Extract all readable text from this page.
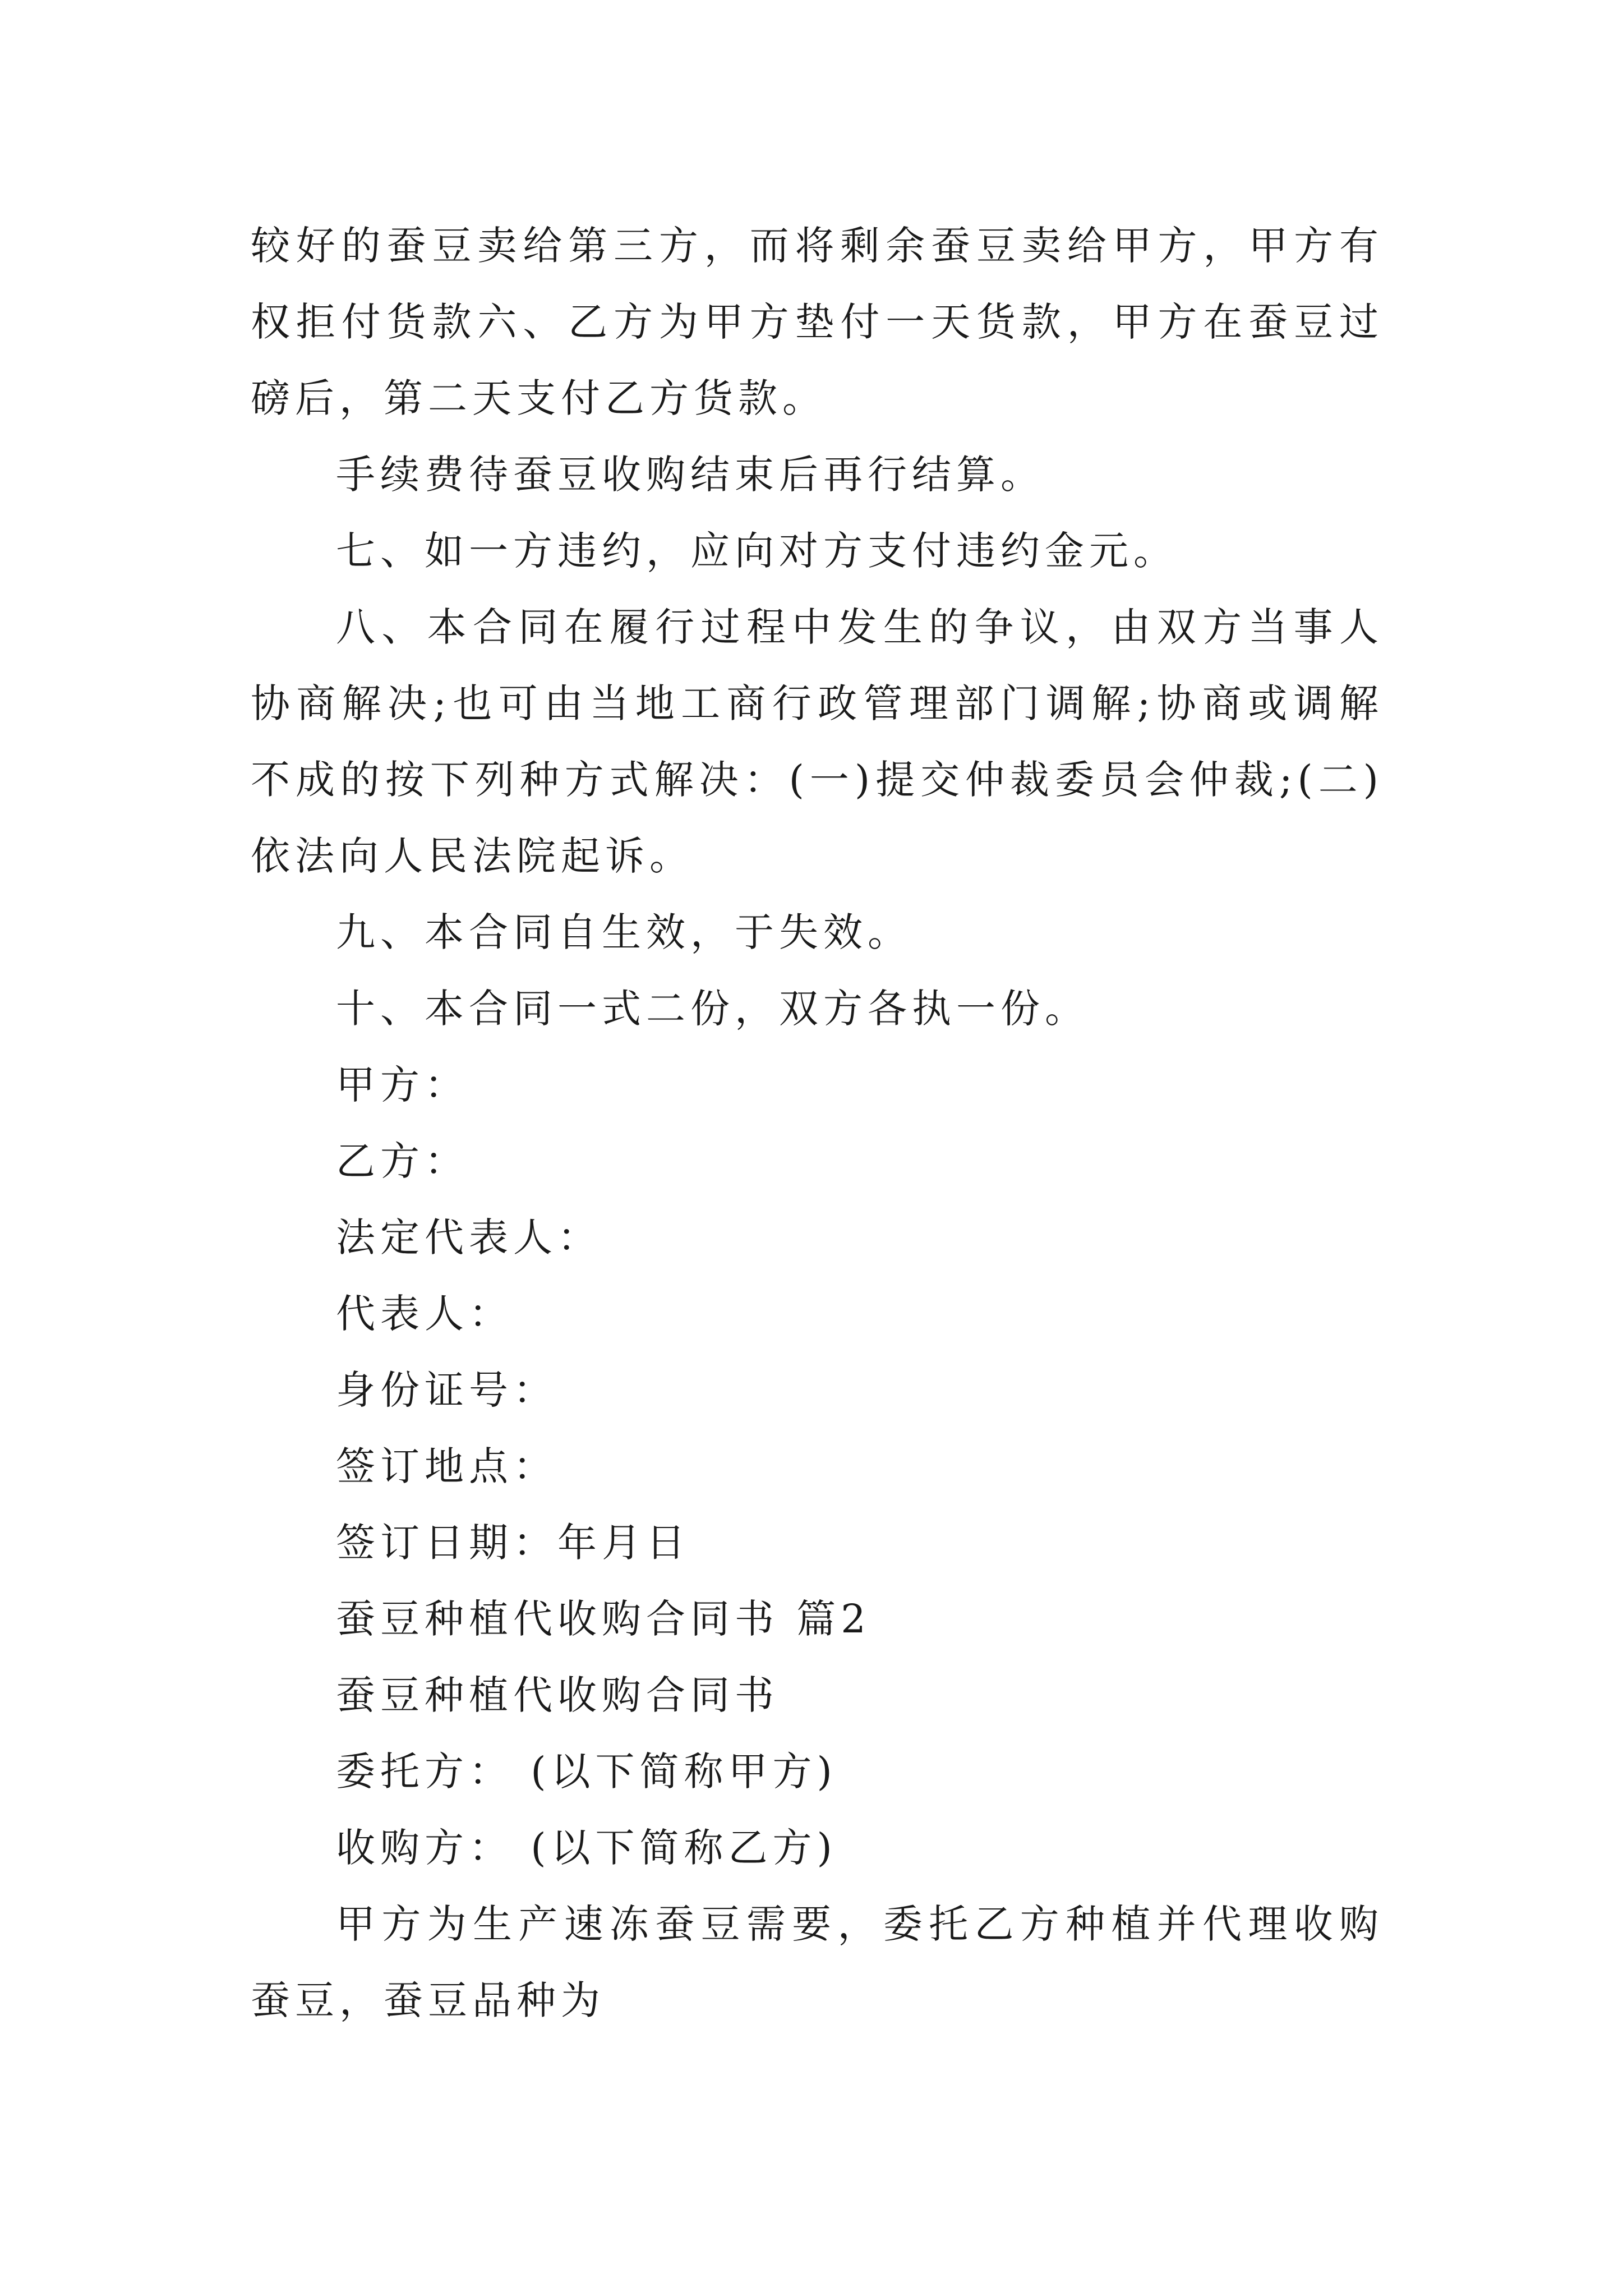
较好的蚕豆卖给第三方，而将剩余蚕豆卖给甲方，甲方有权拒付货款六、乙方为甲方垫付一天货款，甲方在蚕豆过磅后，第二天支付乙方货款。

手续费待蚕豆收购结束后再行结算。

七、如一方违约，应向对方支付违约金元。

八、本合同在履行过程中发生的争议，由双方当事人协商解决;也可由当地工商行政管理部门调解;协商或调解不成的按下列种方式解决：(一)提交仲裁委员会仲裁;(二)依法向人民法院起诉。

九、本合同自生效，于失效。

十、本合同一式二份，双方各执一份。

甲方：

乙方：

法定代表人：

代表人：

身份证号：

签订地点：

签订日期：年月日

蚕豆种植代收购合同书 篇2

蚕豆种植代收购合同书

委托方： (以下简称甲方)

收购方： (以下简称乙方)

甲方为生产速冻蚕豆需要，委托乙方种植并代理收购蚕豆，蚕豆品种为
